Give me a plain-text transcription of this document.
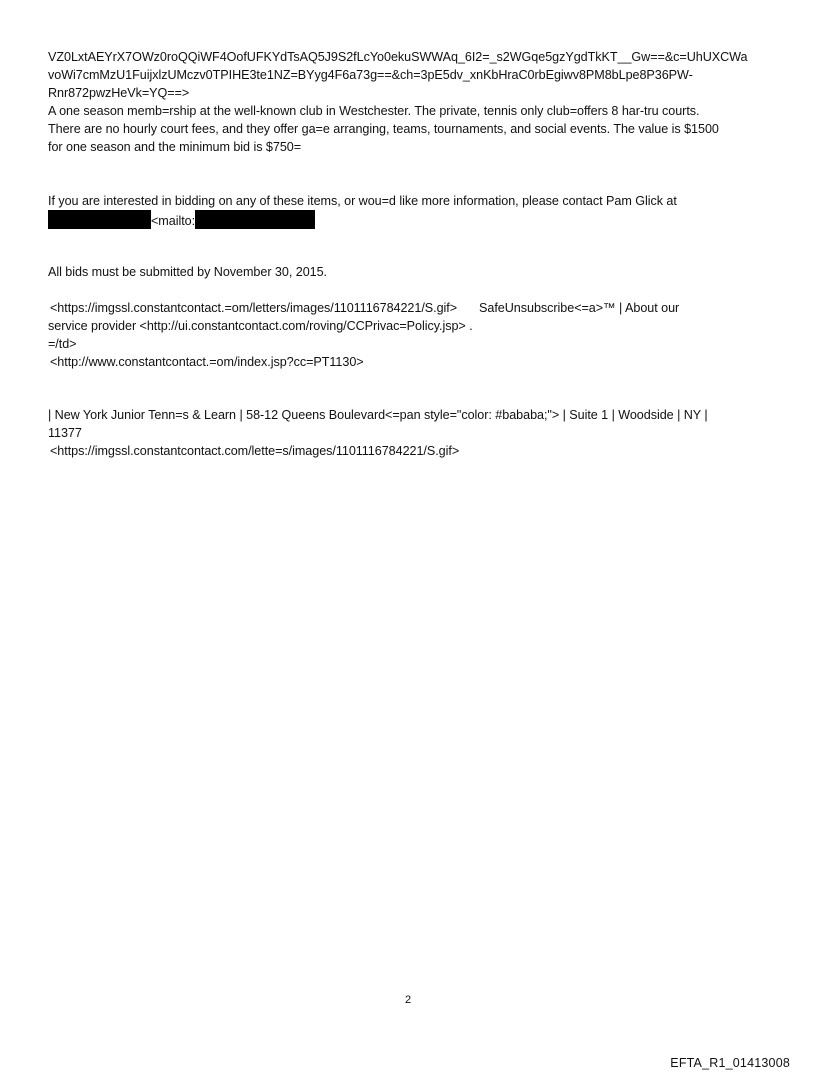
VZ0LxtAEYrX7OWz0roQQiWF4OofUFKYdTsAQ5J9S2fLcYo0ekuSWWAq_6I2=_s2WGqe5gzYgdTkKT__Gw==&c=UhUXCWa
voWi7cmMzU1FuijxlzUMczv0TPIHE3te1NZ=BYyg4F6a73g==&ch=3pE5dv_xnKbHraC0rbEgiwv8PM8bLpe8P36PW-
Rnr872pwzHeVk=YQ==>
A one season memb=rship at the well-known club in Westchester. The private, tennis only club=offers 8 har-tru courts.
There are no hourly court fees, and they offer ga=e arranging, teams, tournaments, and social events. The value is $1500
for one season and the minimum bid is $750=
If you are interested in bidding on any of these items, or wou=d like more information, please contact Pam Glick at
<mailto:
All bids must be submitted by November 30, 2015.
<https://imgssl.constantcontact.=om/letters/images/1101116784221/S.gif> SafeUnsubscribe<=a>™ | About our
service provider <http://ui.constantcontact.com/roving/CCPrivac=Policy.jsp> .
=/td>
<http://www.constantcontact.=om/index.jsp?cc=PT1130>
| New York Junior Tenn=s & Learn | 58-12 Queens Boulevard<=pan style="color: #bababa;"> | Suite 1 | Woodside | NY |
11377
<https://imgssl.constantcontact.com/lette=s/images/1101116784221/S.gif>
2
EFTA_R1_01413008
